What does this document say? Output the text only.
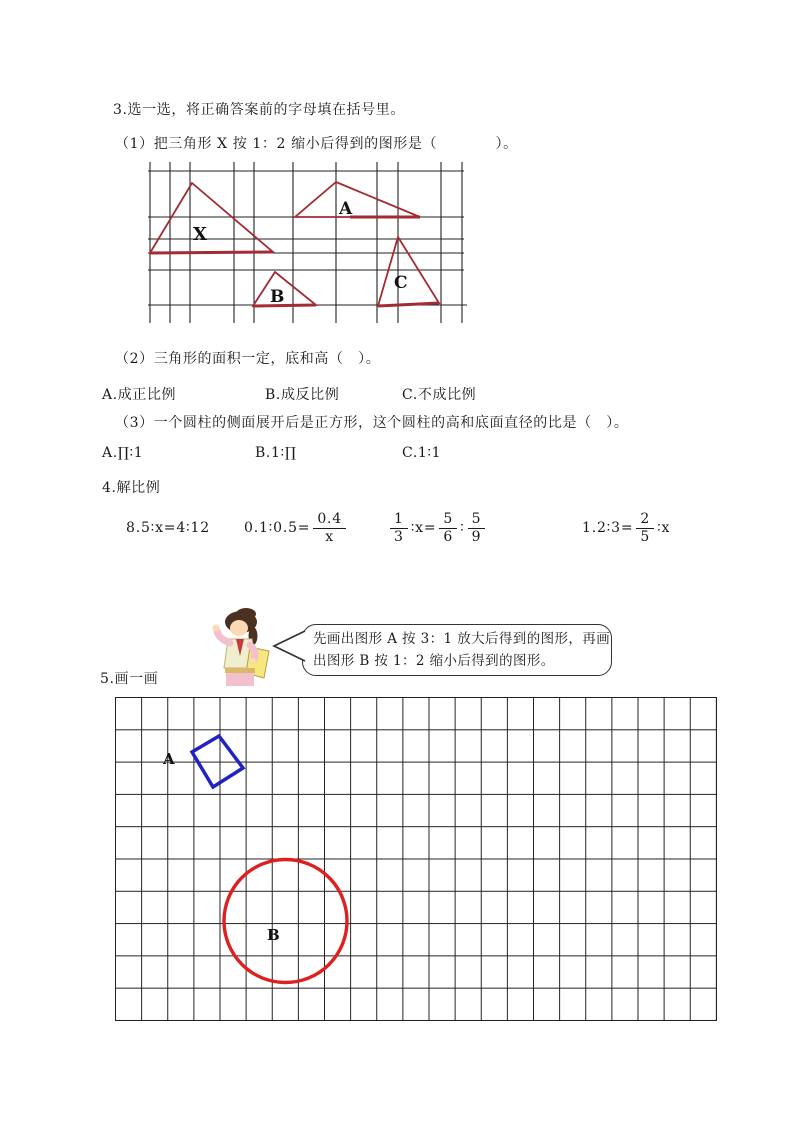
3.选一选，将正确答案前的字母填在括号里。
（1）把三角形 X 按 1：2 缩小后得到的图形是（　　　　）。
X
A
B
C
（2）三角形的面积一定，底和高（　）。
A.成正比例	B.成反比例	C.不成比例
（3）一个圆柱的侧面展开后是正方形，这个圆柱的高和底面直径的比是（　）。
A.∏∶1	B.1∶∏	C.1∶1
4.解比例
8.5∶x=4∶12 0.1∶0.5= $\frac{0.4}{x}$	$\frac{1}{3}$ ∶x= $\frac{5}{6}$ ∶ $\frac{5}{9}$	1.2∶3= $\frac{2}{5}$ ∶x
先画出图形 A 按 3：1 放大后得到的图形，再画
出图形 B 按 1：2 缩小后得到的图形。
5.画一画
A
B
